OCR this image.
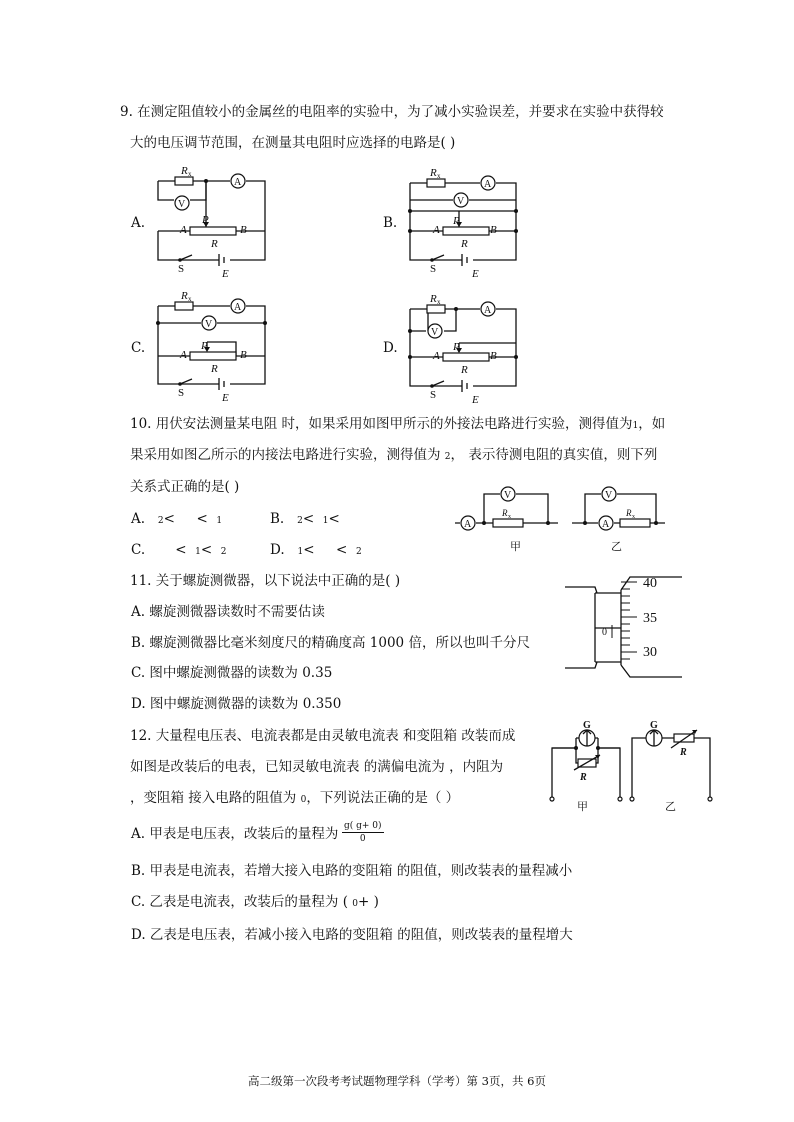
9. 在测定阻值较小的金属丝的电阻率的实验中，为了减小实验误差，并要求在实验中获得较
大的电压调节范围，在测量其电阻时应选择的电路是( )
A.	B.
C.	D.
R x
A
V
A	B
P
R
S	E
R x
A
V
A	B
P
R
S	E
R x
A
V
A	B
P
R
S	E
R x
A
V
A	B
P
R
S	E
10. 用伏安法测量某电阻 时，如果采用如图甲所示的外接法电路进行实验，测得值为1，如
果采用如图乙所示的内接法电路进行实验，测得值为 2， 表示待测电阻的真实值，则下列
关系式正确的是( )
A. 2< < 1	B. 2< 1<
C. < 1< 2	D. 1< < 2
A
V
R x
甲
A
V
R x
乙
11. 关于螺旋测微器，以下说法中正确的是( )
A. 螺旋测微器读数时不需要估读
B. 螺旋测微器比毫米刻度尺的精确度高 1000 倍，所以也叫千分尺
C. 图中螺旋测微器的读数为 0.35
D. 图中螺旋测微器的读数为 0.350
40
35
30
0
12. 大量程电压表、电流表都是由灵敏电流表 和变阻箱 改装而成
如图是改装后的电表，已知灵敏电流表 的满偏电流为 ，内阻为
，变阻箱 接入电路的阻值为 0，下列说法正确的是（ ）
A. 甲表是电压表，改装后的量程为 $\frac{g( g+ 0)}{0}$
B. 甲表是电流表，若增大接入电路的变阻箱 的阻值，则改装表的量程减小
C. 乙表是电流表，改装后的量程为 ( 0+ )
D. 乙表是电压表，若减小接入电路的变阻箱 的阻值，则改装表的量程增大
G
R
甲
G
R
乙
高二级第一次段考考试题物理学科（学考）第 3页，共 6页
